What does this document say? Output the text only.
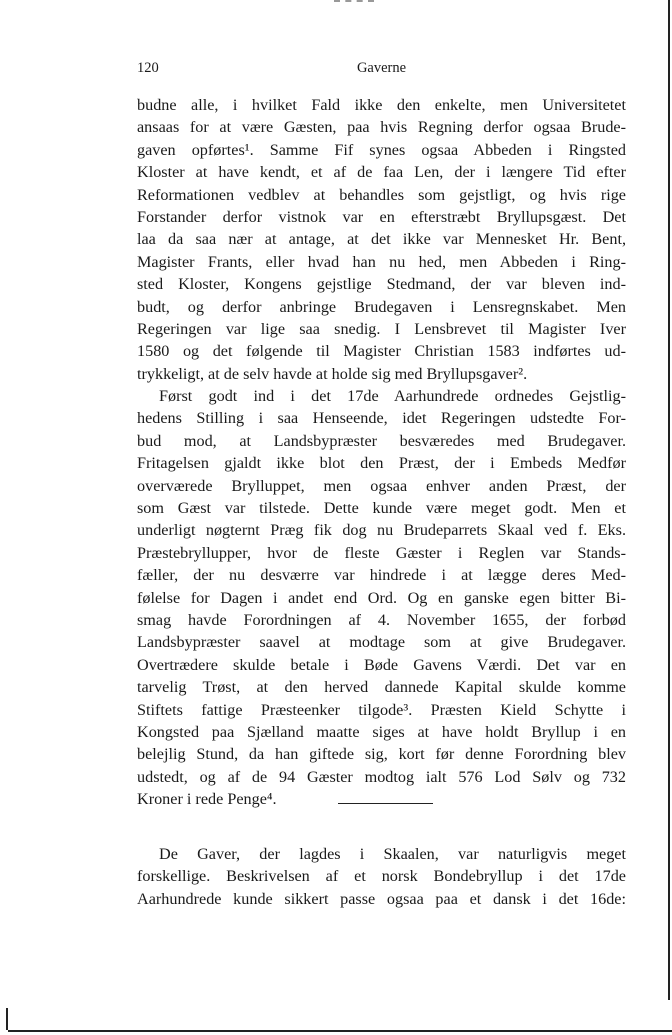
Gaverne
120
budne alle, i hvilket Fald ikke den enkelte, men Universitetet
ansaas for at være Gæsten, paa hvis Regning derfor ogsaa Brude-
gaven opførtes¹. Samme Fif synes ogsaa Abbeden i Ringsted
Kloster at have kendt, et af de faa Len, der i længere Tid efter
Reformationen vedblev at behandles som gejstligt, og hvis rige
Forstander derfor vistnok var en efterstræbt Bryllupsgæst. Det
laa da saa nær at antage, at det ikke var Mennesket Hr. Bent,
Magister Frants, eller hvad han nu hed, men Abbeden i Ring-
sted Kloster, Kongens gejstlige Stedmand, der var bleven ind-
budt, og derfor anbringe Brudegaven i Lensregnskabet. Men
Regeringen var lige saa snedig. I Lensbrevet til Magister Iver
1580 og det følgende til Magister Christian 1583 indførtes ud-
trykkeligt, at de selv havde at holde sig med Bryllupsgaver².
Først godt ind i det 17de Aarhundrede ordnedes Gejstlig-
hedens Stilling i saa Henseende, idet Regeringen udstedte For-
bud mod, at Landsbypræster besværedes med Brudegaver.
Fritagelsen gjaldt ikke blot den Præst, der i Embeds Medfør
overværede Brylluppet, men ogsaa enhver anden Præst, der
som Gæst var tilstede. Dette kunde være meget godt. Men et
underligt nøgternt Præg fik dog nu Brudeparrets Skaal ved f. Eks.
Præstebryllupper, hvor de fleste Gæster i Reglen var Stands-
fæller, der nu desværre var hindrede i at lægge deres Med-
følelse for Dagen i andet end Ord. Og en ganske egen bitter Bi-
smag havde Forordningen af 4. November 1655, der forbød
Landsbypræster saavel at modtage som at give Brudegaver.
Overtrædere skulde betale i Bøde Gavens Værdi. Det var en
tarvelig Trøst, at den herved dannede Kapital skulde komme
Stiftets fattige Præsteenker tilgode³. Præsten Kield Schytte i
Kongsted paa Sjælland maatte siges at have holdt Bryllup i en
belejlig Stund, da han giftede sig, kort før denne Forordning blev
udstedt, og af de 94 Gæster modtog ialt 576 Lod Sølv og 732
Kroner i rede Penge⁴.
De Gaver, der lagdes i Skaalen, var naturligvis meget
forskellige. Beskrivelsen af et norsk Bondebryllup i det 17de
Aarhundrede kunde sikkert passe ogsaa paa et dansk i det 16de:
